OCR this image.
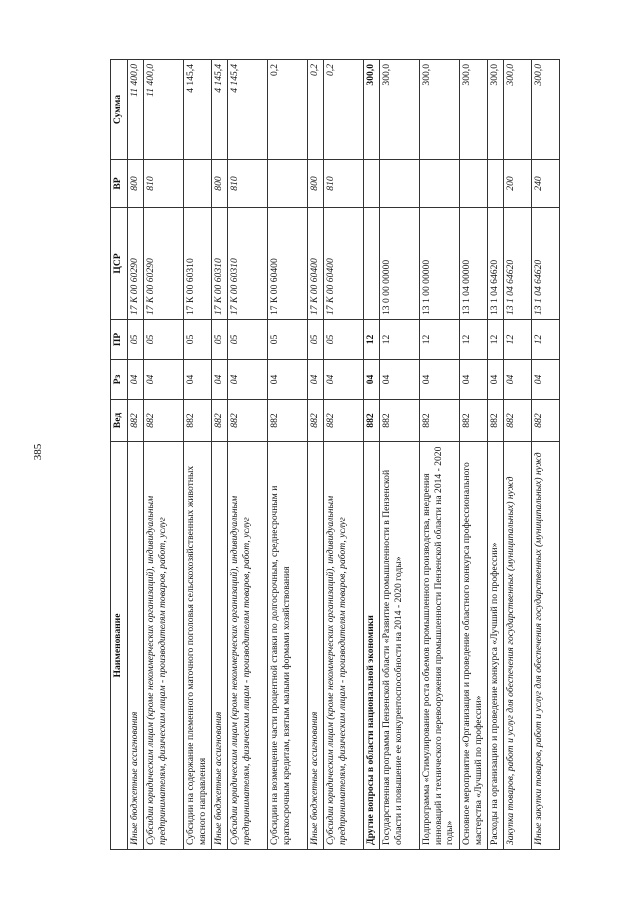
385
Наименование	Вед	Рз	ПР	ЦСР	ВР	Сумма
Иные бюджетные ассигнования	882	04	05	17 К 00 60290	800	11 400,0
Субсидии юридическим лицам (кроме некоммерческих организаций), индивидуальным предпринимателям, физическим лицам - производителям товаров, работ, услуг	882	04	05	17 К 00 60290	810	11 400,0
Субсидии на содержание племенного маточного поголовья сельскохозяйственных животных мясного направления	882	04	05	17 К 00 60310		4 145,4
Иные бюджетные ассигнования	882	04	05	17 К 00 60310	800	4 145,4
Субсидии юридическим лицам (кроме некоммерческих организаций), индивидуальным предпринимателям, физическим лицам - производителям товаров, работ, услуг	882	04	05	17 К 00 60310	810	4 145,4
Субсидии на возмещение части процентной ставки по долгосрочным, среднесрочным и краткосрочным кредитам, взятым малыми формами хозяйствования	882	04	05	17 К 00 60400		0,2
Иные бюджетные ассигнования	882	04	05	17 К 00 60400	800	0,2
Субсидии юридическим лицам (кроме некоммерческих организаций), индивидуальным предпринимателям, физическим лицам - производителям товаров, работ, услуг	882	04	05	17 К 00 60400	810	0,2
Другие вопросы в области национальной экономики	882	04	12			300,0
Государственная программа Пензенской области «Развитие промышленности в Пензенской области и повышение ее конкурентоспособности на 2014 - 2020 годы»	882	04	12	13 0 00 00000		300,0
Подпрограмма «Стимулирование роста объемов промышленного производства, внедрения инноваций и технического перевооружения промышленности Пензенской области на 2014 - 2020 годы»	882	04	12	13 1 00 00000		300,0
Основное мероприятие «Организация и проведение областного конкурса профессионального мастерства «Лучший по профессии»	882	04	12	13 1 04 00000		300,0
Расходы на организацию и проведение конкурса «Лучший по профессии»	882	04	12	13 1 04 64620		300,0
Закупка товаров, работ и услуг для обеспечения государственных (муниципальных) нужд	882	04	12	13 1 04 64620	200	300,0
Иные закупки товаров, работ и услуг для обеспечения государственных (муниципальных) нужд	882	04	12	13 1 04 64620	240	300,0
